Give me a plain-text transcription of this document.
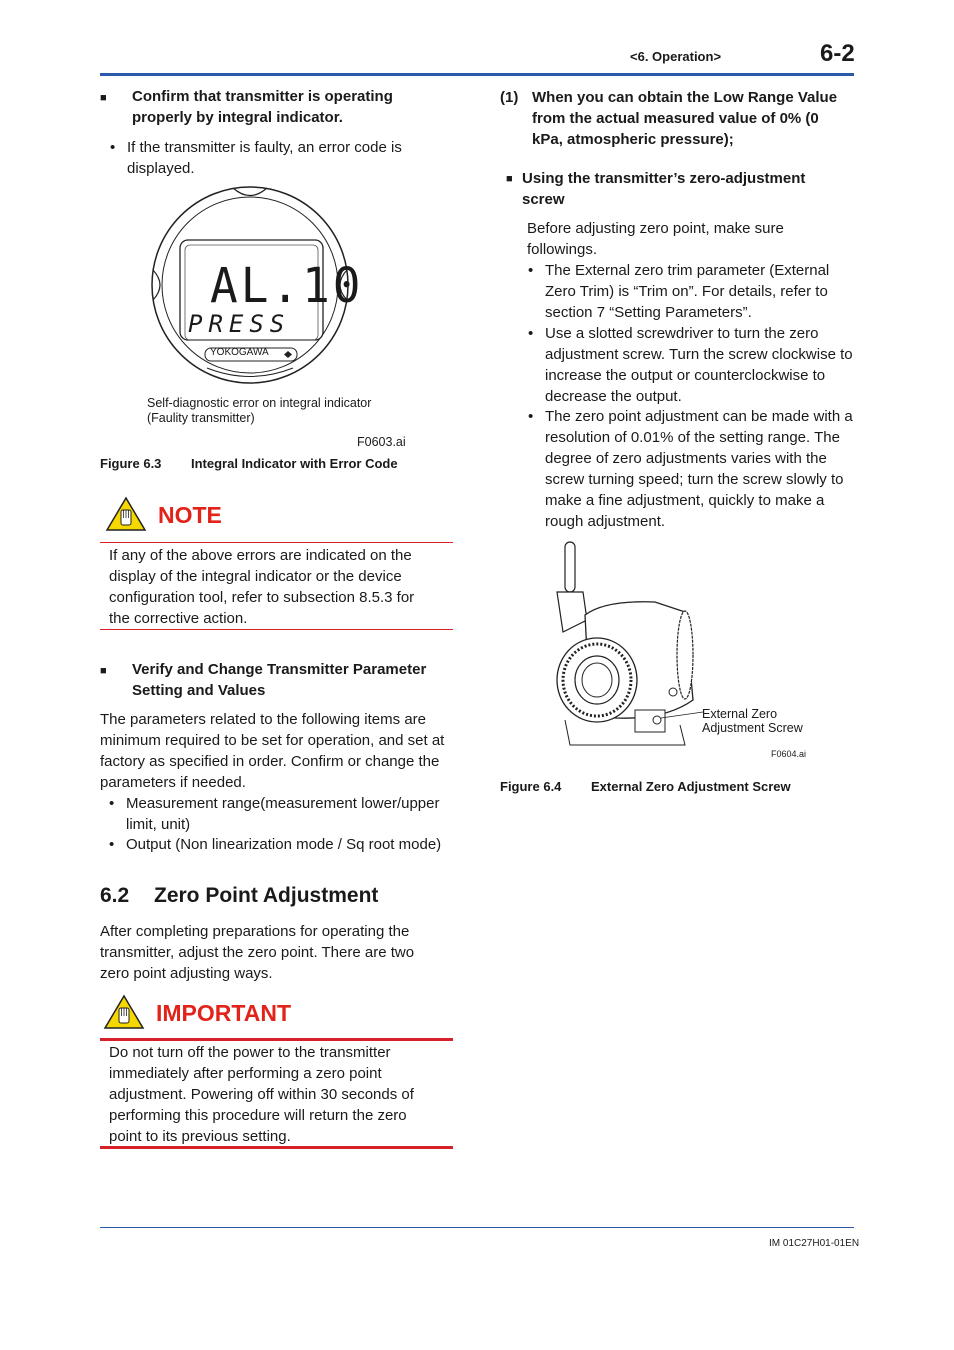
<6. Operation>	6-2
■ Confirm that transmitter is operating properly by integral indicator.
• If the transmitter is faulty, an error code is displayed.
AL.10
PRESS
YOKOGAWA
Self-diagnostic error on integral indicator
(Faulity transmitter)
F0603.ai
Figure 6.3 Integral Indicator with Error Code
NOTE
If any of the above errors are indicated on the display of the integral indicator or the device configuration tool, refer to subsection 8.5.3 for the corrective action.
■ Verify and Change Transmitter Parameter Setting and Values
The parameters related to the following items are minimum required to be set for operation, and set at factory as specified in order. Confirm or change the parameters if needed.
• Measurement range(measurement lower/upper limit, unit)
• Output (Non linearization mode / Sq root mode)
6.2 Zero Point Adjustment
After completing preparations for operating the transmitter, adjust the zero point. There are two zero point adjusting ways.
IMPORTANT
Do not turn off the power to the transmitter immediately after performing a zero point adjustment. Powering off within 30 seconds of performing this procedure will return the zero point to its previous setting.
(1) When you can obtain the Low Range Value from the actual measured value of 0% (0 kPa, atmospheric pressure);
■ Using the transmitter’s zero-adjustment screw
Before adjusting zero point, make sure followings.
• The External zero trim parameter (External Zero Trim) is “Trim on”. For details, refer to section 7 “Setting Parameters”.
• Use a slotted screwdriver to turn the zero adjustment screw. Turn the screw clockwise to increase the output or counterclockwise to decrease the output.
• The zero point adjustment can be made with a resolution of 0.01% of the setting range. The degree of zero adjustments varies with the screw turning speed; turn the screw slowly to make a fine adjustment, quickly to make a rough adjustment.
External Zero
Adjustment Screw
F0604.ai
Figure 6.4 External Zero Adjustment Screw
IM 01C27H01-01EN
